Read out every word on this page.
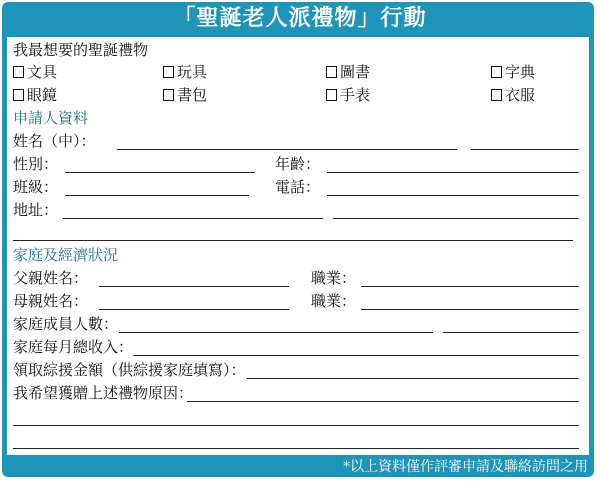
「聖誕老人派禮物」行動
我最想要的聖誕禮物
文具	玩具	圖書	字典
眼鏡	書包	手表	衣服
申請人資料
姓名（中）：
性別：	年齡：
班級：	電話：
地址：
家庭及經濟狀況
父親姓名：	職業：
母親姓名：	職業：
家庭成員人數：
家庭每月總收入：
領取綜援金額（供綜援家庭填寫）：
我希望獲贈上述禮物原因：
*以上資料僅作評審申請及聯絡訪問之用
